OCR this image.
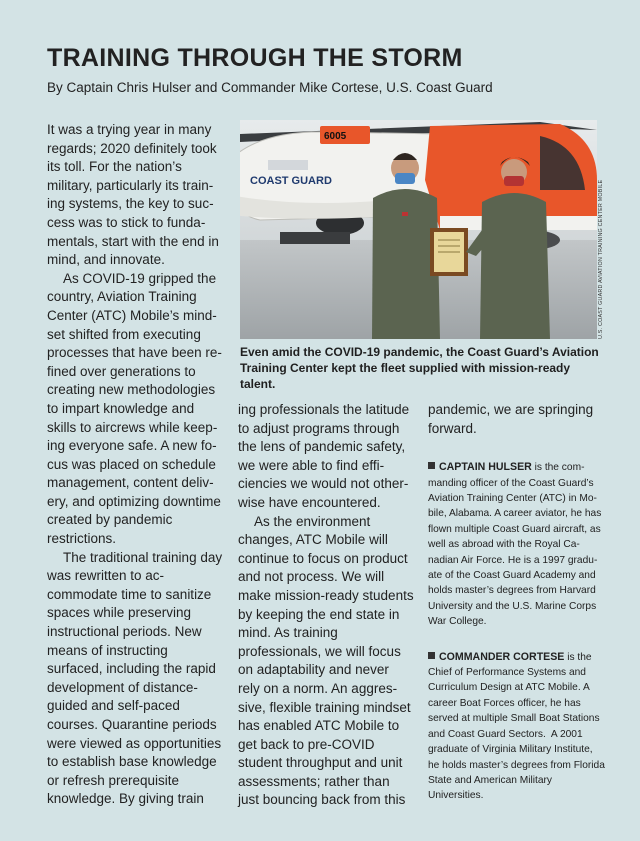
TRAINING THROUGH THE STORM
By Captain Chris Hulser and Commander Mike Cortese, U.S. Coast Guard

It was a trying year in many regards; 2020 definitely took its toll. For the nation’s military, particularly its training systems, the key to success was to stick to fundamentals, start with the end in mind, and innovate.

As COVID-19 gripped the country, Aviation Training Center (ATC) Mobile’s mindset shifted from executing processes that have been refined over generations to creating new methodologies to impart knowledge and skills to aircrews while keeping everyone safe. A new focus was placed on schedule management, content delivery, and optimizing downtime created by pandemic restrictions.

The traditional training day was rewritten to accommodate time to sanitize spaces while preserving instructional periods. New means of instructing surfaced, including the rapid development of distance-guided and self-paced courses. Quarantine periods were viewed as opportunities to establish base knowledge or refresh prerequisite knowledge. By giving train

6005
COAST GUARD	U.S. COAST GUARD AVIATION TRAINING CENTER MOBILE
Even amid the COVID-19 pandemic, the Coast Guard’s Aviation Training Center kept the fleet supplied with mission-ready talent.

ing professionals the latitude to adjust programs through the lens of pandemic safety, we were able to find efficiencies we would not otherwise have encountered.

As the environment changes, ATC Mobile will continue to focus on product and not process. We will make mission-ready students by keeping the end state in mind. As training professionals, we will focus on adaptability and never rely on a norm. An aggressive, flexible training mindset has enabled ATC Mobile to get back to pre-COVID student throughput and unit assessments; rather than just bouncing back from this

pandemic, we are springing forward.

CAPTAIN HULSER is the commanding officer of the Coast Guard’s Aviation Training Center (ATC) in Mobile, Alabama. A career aviator, he has flown multiple Coast Guard aircraft, as well as abroad with the Royal Canadian Air Force. He is a 1997 graduate of the Coast Guard Academy and holds master’s degrees from Harvard University and the U.S. Marine Corps War College.
COMMANDER CORTESE is the Chief of Performance Systems and Curriculum Design at ATC Mobile. A career Boat Forces officer, he has served at multiple Small Boat Stations and Coast Guard Sectors.  A 2001 graduate of Virginia Military Institute, he holds master’s degrees from Florida State and American Military Universities.
